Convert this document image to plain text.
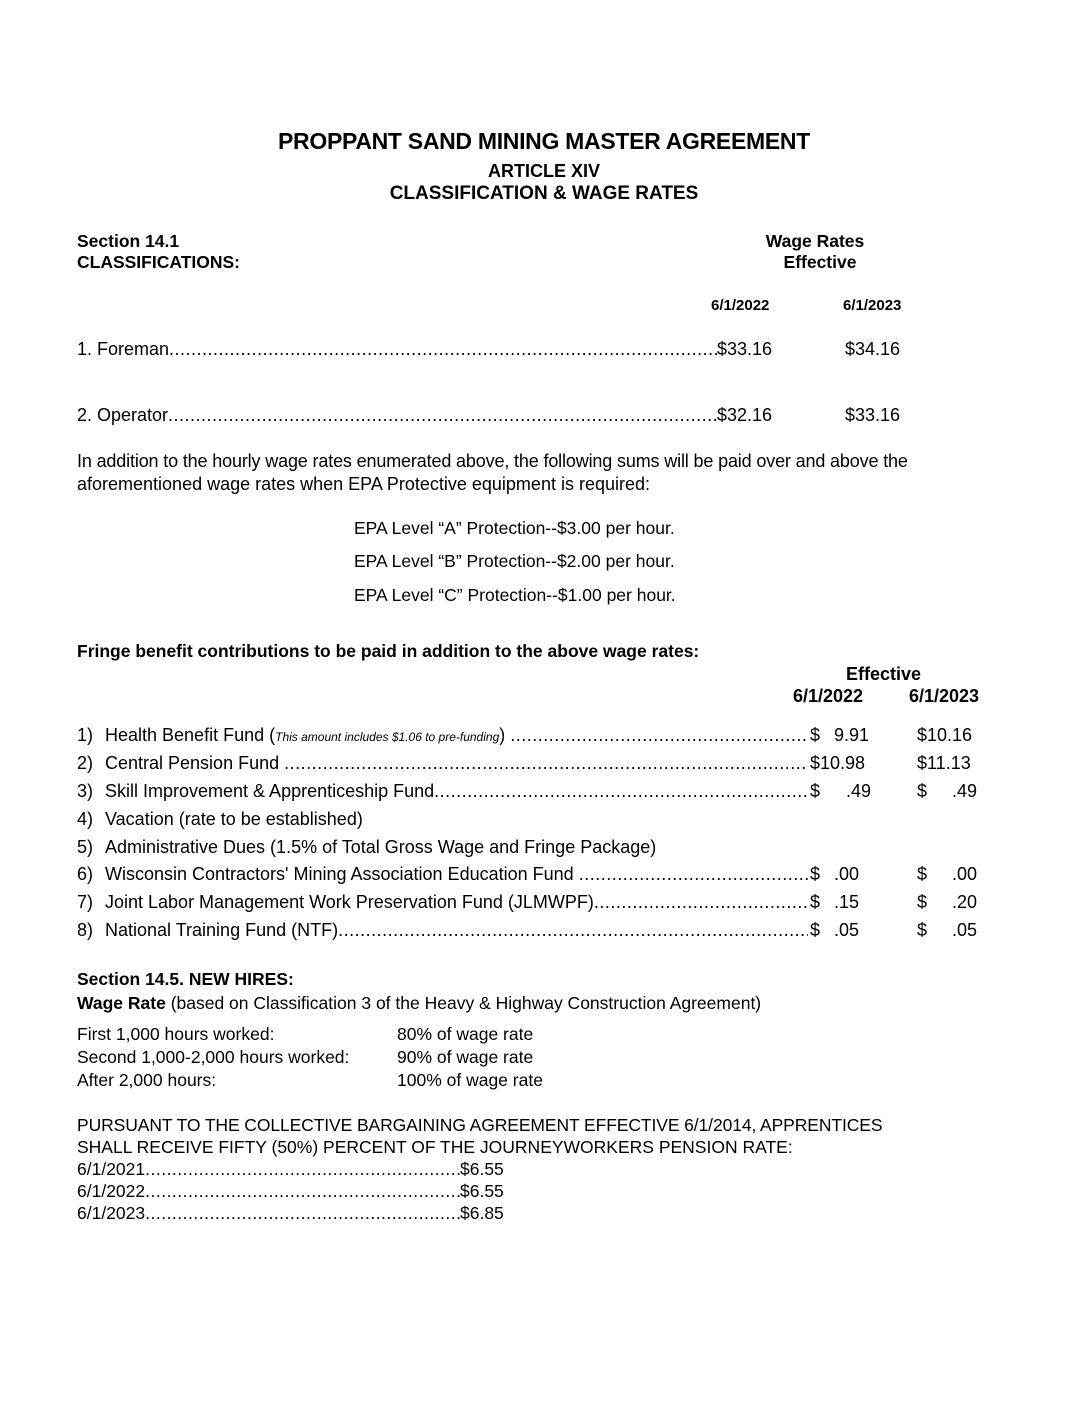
PROPPANT SAND MINING MASTER AGREEMENT
ARTICLE XIV
CLASSIFICATION & WAGE RATES
Section 14.1
CLASSIFICATIONS:
Wage Rates
Effective
6/1/2022	6/1/2023
1. Foreman .....	$33.16	$34.16
2. Operator .....	$32.16	$33.16
In addition to the hourly wage rates enumerated above, the following sums will be paid over and above the
aforementioned wage rates when EPA Protective equipment is required:
EPA Level “A” Protection--$3.00 per hour.
EPA Level “B” Protection--$2.00 per hour.
EPA Level “C” Protection--$1.00 per hour.
Fringe benefit contributions to be paid in addition to the above wage rates:
Effective
6/1/2022	6/1/2023
1) Health Benefit Fund (This amount includes $1.06 to pre-funding) .....	$ 9.91	$10.16
2) Central Pension Fund .....	$10.98	$11.13
3) Skill Improvement & Apprenticeship Fund .....	$ .49	$ .49
4) Vacation (rate to be established)
5) Administrative Dues (1.5% of Total Gross Wage and Fringe Package)
6) Wisconsin Contractors' Mining Association Education Fund .....	$ .00	$ .00
7) Joint Labor Management Work Preservation Fund (JLMWPF) .....	$ .15	$ .20
8) National Training Fund (NTF) .....	$ .05	$ .05
Section 14.5. NEW HIRES:
Wage Rate (based on Classification 3 of the Heavy & Highway Construction Agreement)
First 1,000 hours worked:	80% of wage rate
Second 1,000-2,000 hours worked:	90% of wage rate
After 2,000 hours:	100% of wage rate
PURSUANT TO THE COLLECTIVE BARGAINING AGREEMENT EFFECTIVE 6/1/2014, APPRENTICES
SHALL RECEIVE FIFTY (50%) PERCENT OF THE JOURNEYWORKERS PENSION RATE:
6/1/2021 .....	$6.55
6/1/2022 .....	$6.55
6/1/2023 .....	$6.85
